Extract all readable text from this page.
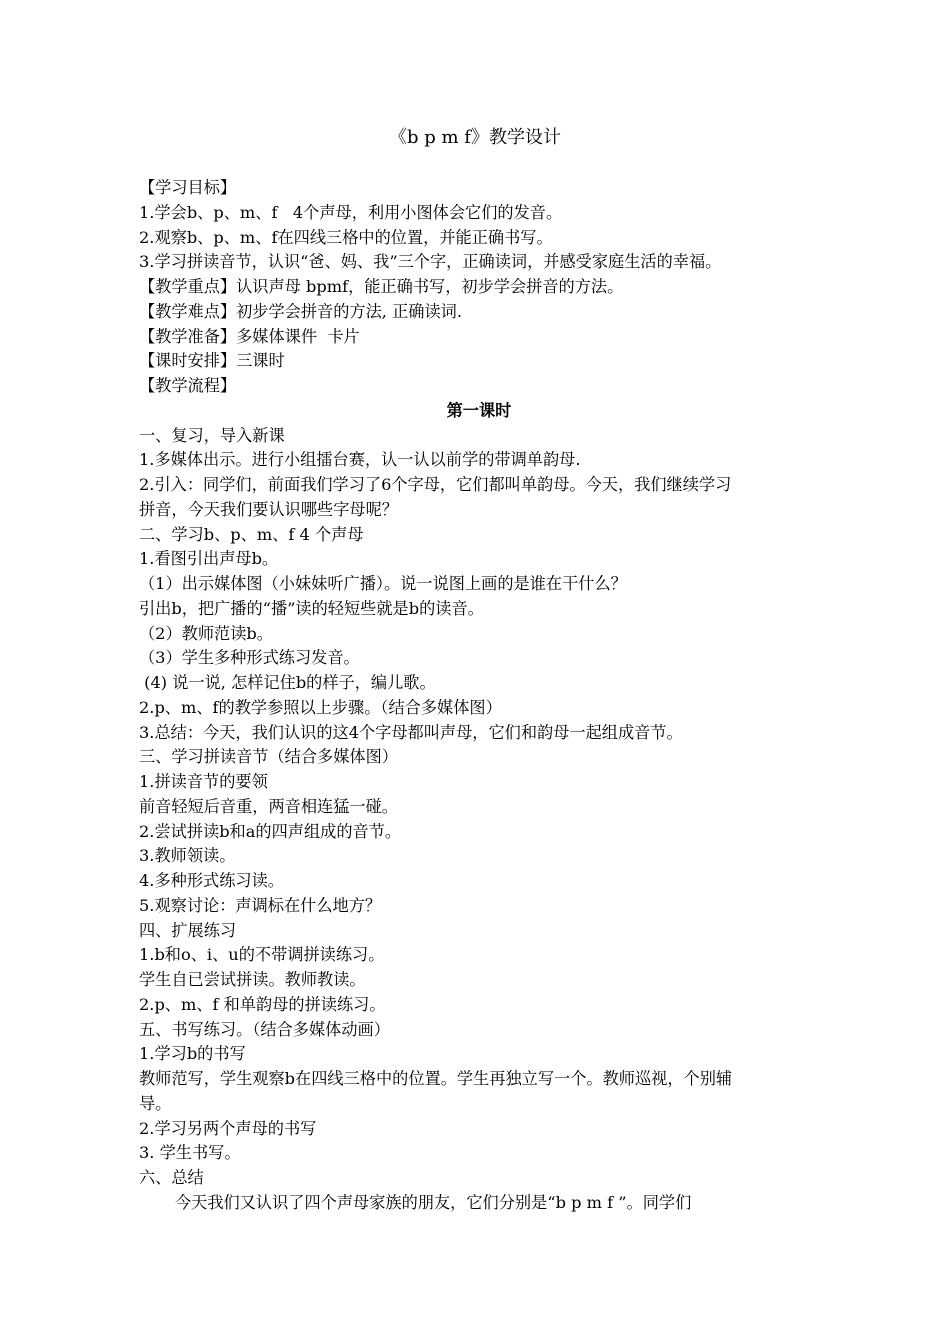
《b p m f》教学设计
【学习目标】
1.学会b、p、m、f   4个声母，利用小图体会它们的发音。
2.观察b、p、m、f在四线三格中的位置，并能正确书写。
3.学习拼读音节，认识“爸、妈、我”三个字，正确读词，并感受家庭生活的幸福。
【教学重点】认识声母 bpmf，能正确书写，初步学会拼音的方法。
【教学难点】初步学会拼音的方法, 正确读词.
【教学准备】多媒体课件  卡片
【课时安排】三课时
【教学流程】
第一课时
一、复习，导入新课
1.多媒体出示。进行小组擂台赛，认一认以前学的带调单韵母.
2.引入：同学们，前面我们学习了6个字母，它们都叫单韵母。今天，我们继续学习
拼音，今天我们要认识哪些字母呢？
二、学习b、p、m、f 4 个声母
1.看图引出声母b。
（1）出示媒体图（小妹妹听广播）。说一说图上画的是谁在干什么？
引出b，把广播的“播”读的轻短些就是b的读音。
（2）教师范读b。
（3）学生多种形式练习发音。
(4) 说一说, 怎样记住b的样子，编儿歌。
2.p、m、f的教学参照以上步骤。（结合多媒体图）
3.总结：今天，我们认识的这4个字母都叫声母，它们和韵母一起组成音节。
三、学习拼读音节（结合多媒体图）
1.拼读音节的要领
前音轻短后音重，两音相连猛一碰。
2.尝试拼读b和a的四声组成的音节。
3.教师领读。
4.多种形式练习读。
5.观察讨论：声调标在什么地方？
四、扩展练习
1.b和o、i、u的不带调拼读练习。
学生自已尝试拼读。教师教读。
2.p、m、f 和单韵母的拼读练习。
五、书写练习。（结合多媒体动画）
1.学习b的书写
教师范写，学生观察b在四线三格中的位置。学生再独立写一个。教师巡视，个别辅
导。
2.学习另两个声母的书写
3. 学生书写。
六、总结
今天我们又认识了四个声母家族的朋友，它们分别是“b p m f ”。同学们
